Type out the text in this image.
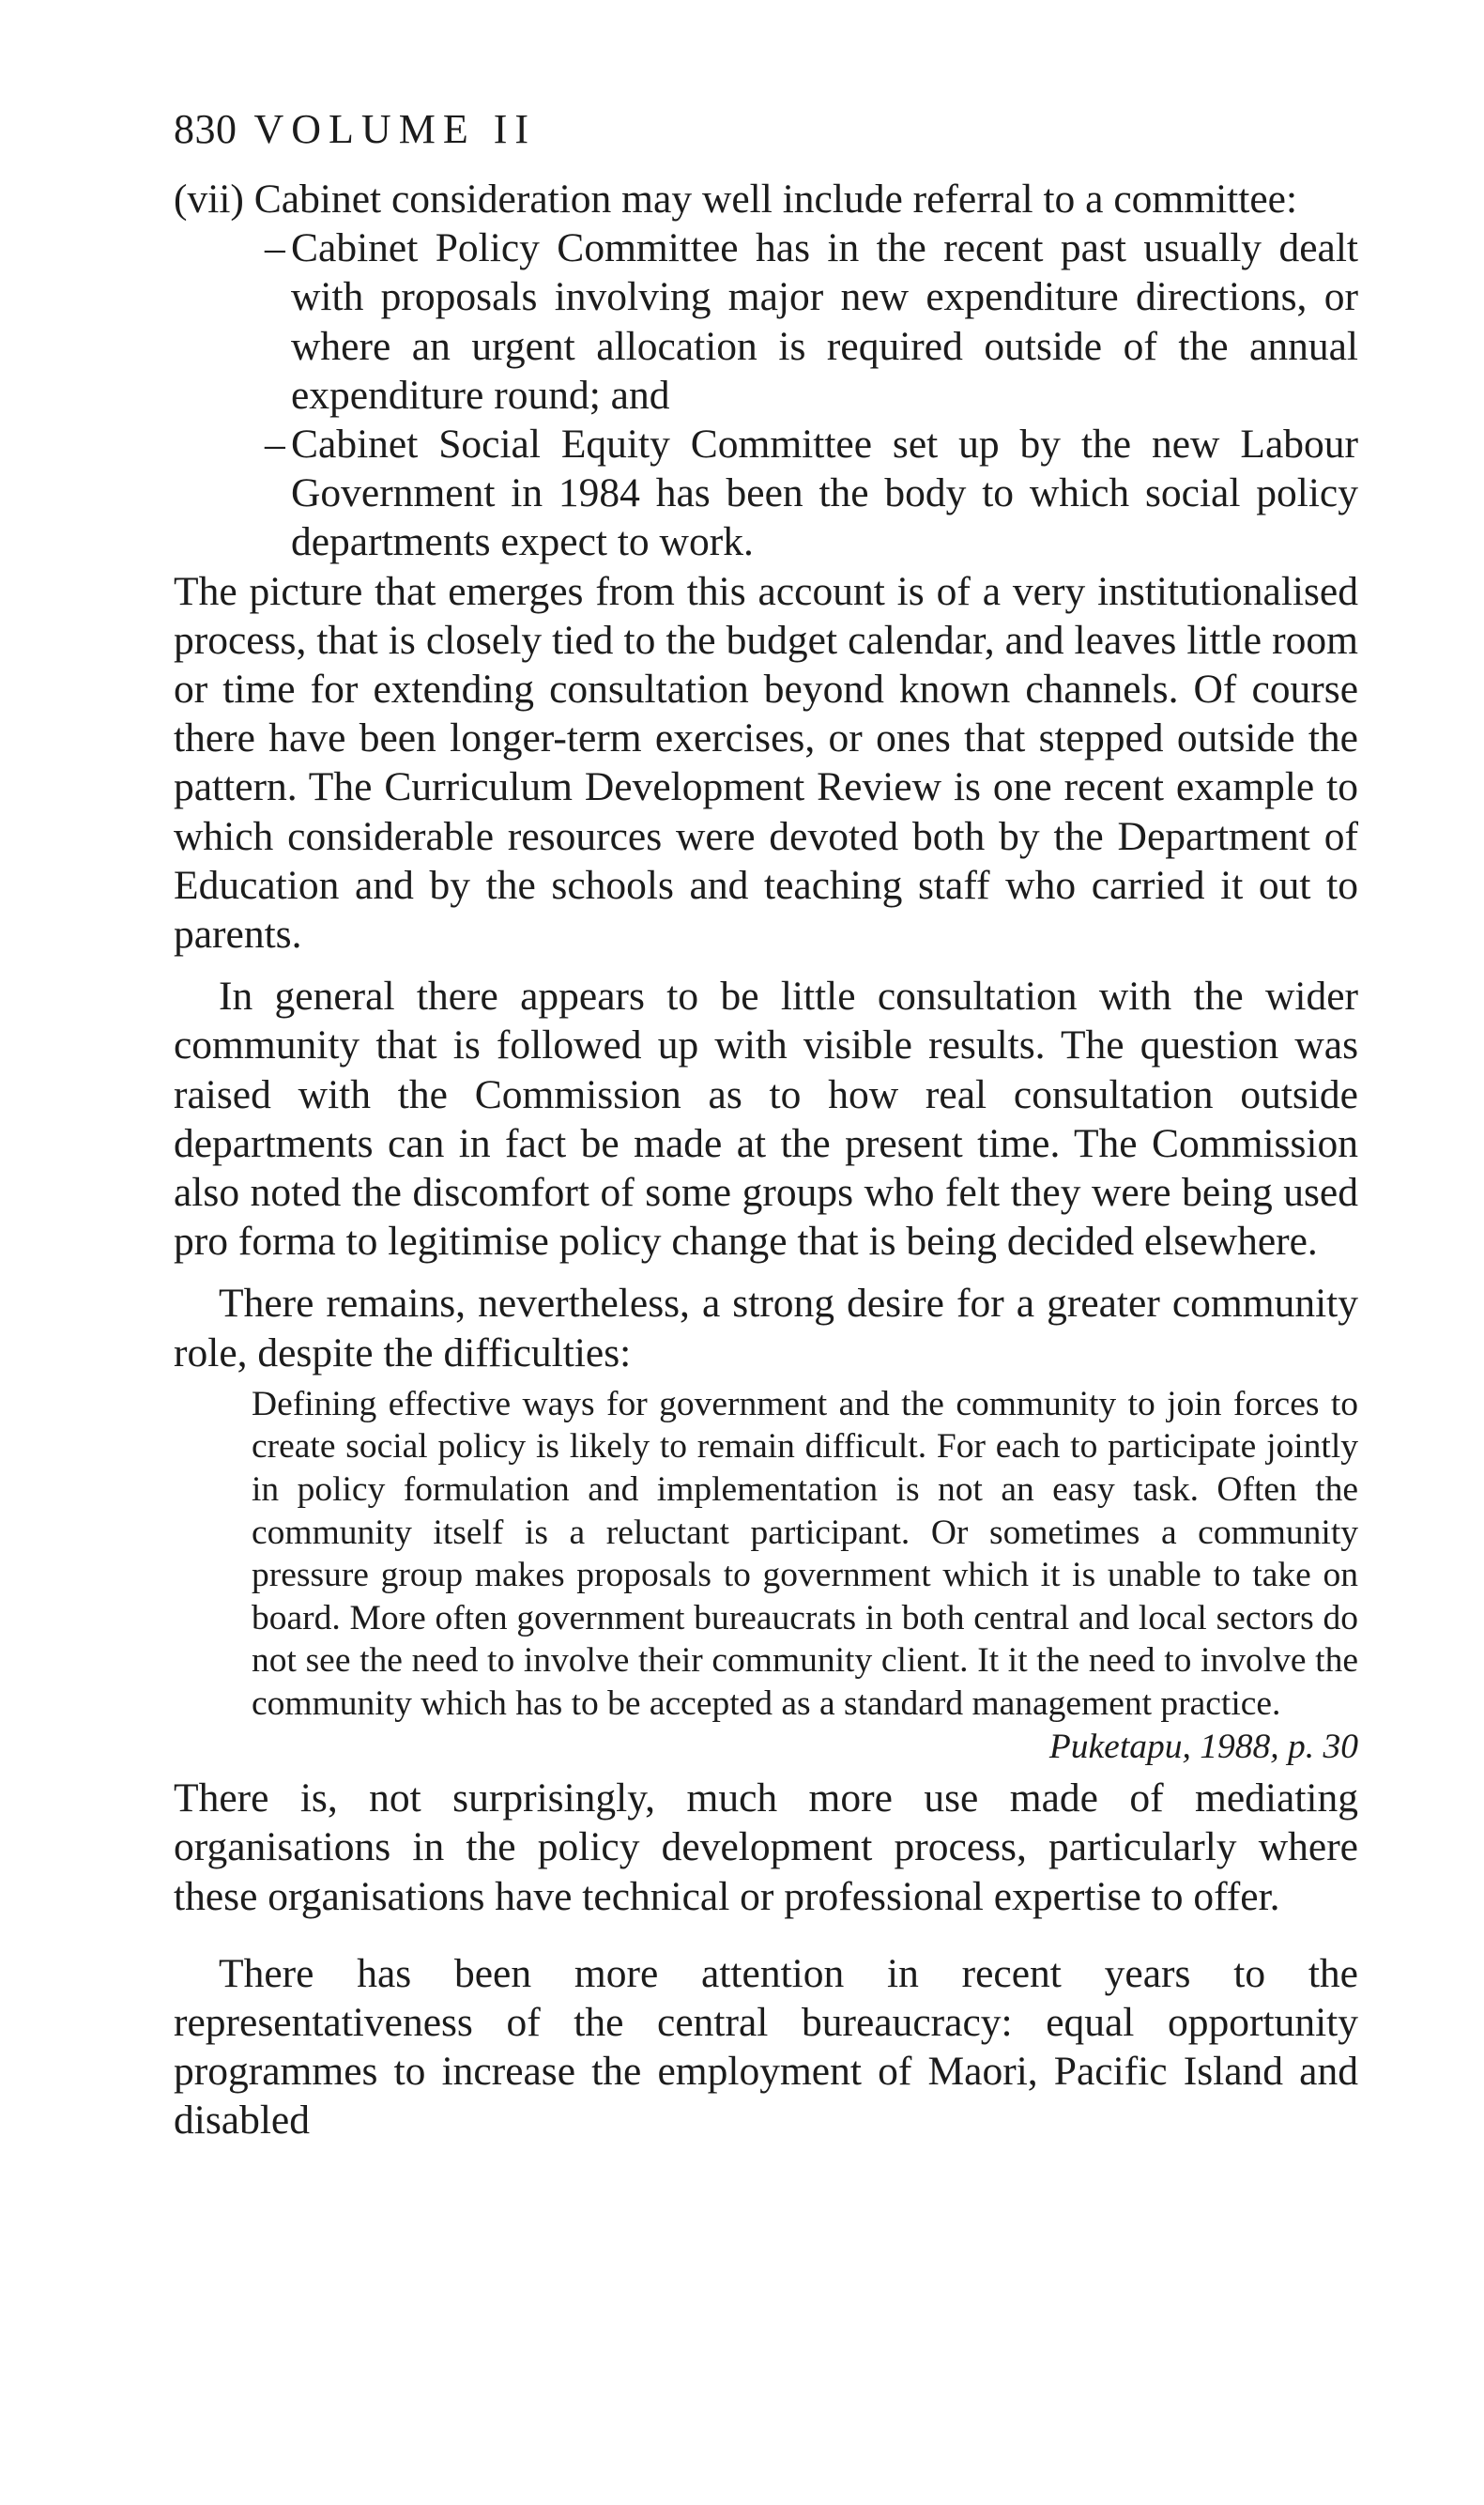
830 VOLUME II

(vii) Cabinet consideration may well include referral to a committee:

– Cabinet Policy Committee has in the recent past usually dealt with proposals involving major new expenditure directions, or where an urgent allocation is required outside of the annual expenditure round; and
– Cabinet Social Equity Committee set up by the new Labour Government in 1984 has been the body to which social policy departments expect to work.

The picture that emerges from this account is of a very institutionalised process, that is closely tied to the budget calendar, and leaves little room or time for extending consultation beyond known channels. Of course there have been longer-term exercises, or ones that stepped outside the pattern. The Curriculum Development Review is one recent example to which considerable resources were devoted both by the Department of Education and by the schools and teaching staff who carried it out to parents.

In general there appears to be little consultation with the wider community that is followed up with visible results. The question was raised with the Commission as to how real consultation outside departments can in fact be made at the present time. The Commission also noted the discomfort of some groups who felt they were being used pro forma to legitimise policy change that is being decided elsewhere.

There remains, nevertheless, a strong desire for a greater community role, despite the difficulties:

Defining effective ways for government and the community to join forces to create social policy is likely to remain difficult. For each to participate jointly in policy formulation and implementation is not an easy task. Often the community itself is a reluctant participant. Or sometimes a community pressure group makes proposals to government which it is unable to take on board. More often government bureaucrats in both central and local sectors do not see the need to involve their community client. It it the need to involve the community which has to be accepted as a standard management practice.
Puketapu, 1988, p. 30

There is, not surprisingly, much more use made of mediating organisations in the policy development process, particularly where these organisations have technical or professional expertise to offer.

There has been more attention in recent years to the representativeness of the central bureaucracy: equal opportunity programmes to increase the employment of Maori, Pacific Island and disabled
